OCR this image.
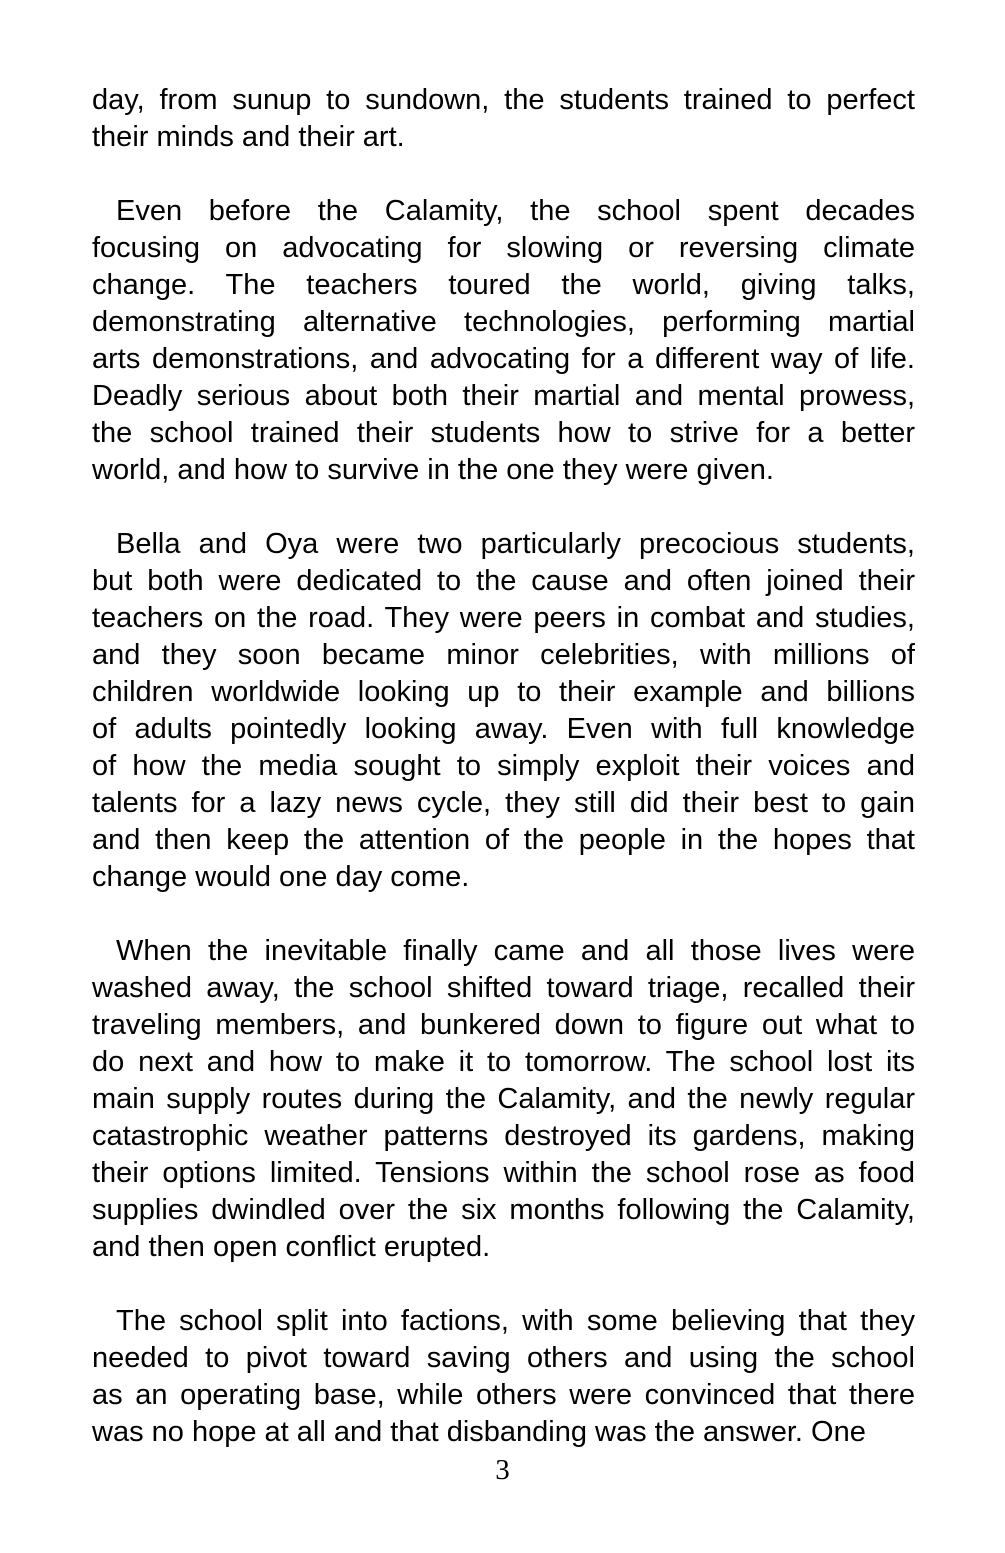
day, from sunup to sundown, the students trained to perfect
their minds and their art.

Even before the Calamity, the school spent decades
focusing on advocating for slowing or reversing climate
change. The teachers toured the world, giving talks,
demonstrating alternative technologies, performing martial
arts demonstrations, and advocating for a different way of life.
Deadly serious about both their martial and mental prowess,
the school trained their students how to strive for a better
world, and how to survive in the one they were given.

Bella and Oya were two particularly precocious students,
but both were dedicated to the cause and often joined their
teachers on the road. They were peers in combat and studies,
and they soon became minor celebrities, with millions of
children worldwide looking up to their example and billions
of adults pointedly looking away. Even with full knowledge
of how the media sought to simply exploit their voices and
talents for a lazy news cycle, they still did their best to gain
and then keep the attention of the people in the hopes that
change would one day come.

When the inevitable finally came and all those lives were
washed away, the school shifted toward triage, recalled their
traveling members, and bunkered down to figure out what to
do next and how to make it to tomorrow. The school lost its
main supply routes during the Calamity, and the newly regular
catastrophic weather patterns destroyed its gardens, making
their options limited. Tensions within the school rose as food
supplies dwindled over the six months following the Calamity,
and then open conflict erupted.

The school split into factions, with some believing that they
needed to pivot toward saving others and using the school
as an operating base, while others were convinced that there
was no hope at all and that disbanding was the answer. One

3
